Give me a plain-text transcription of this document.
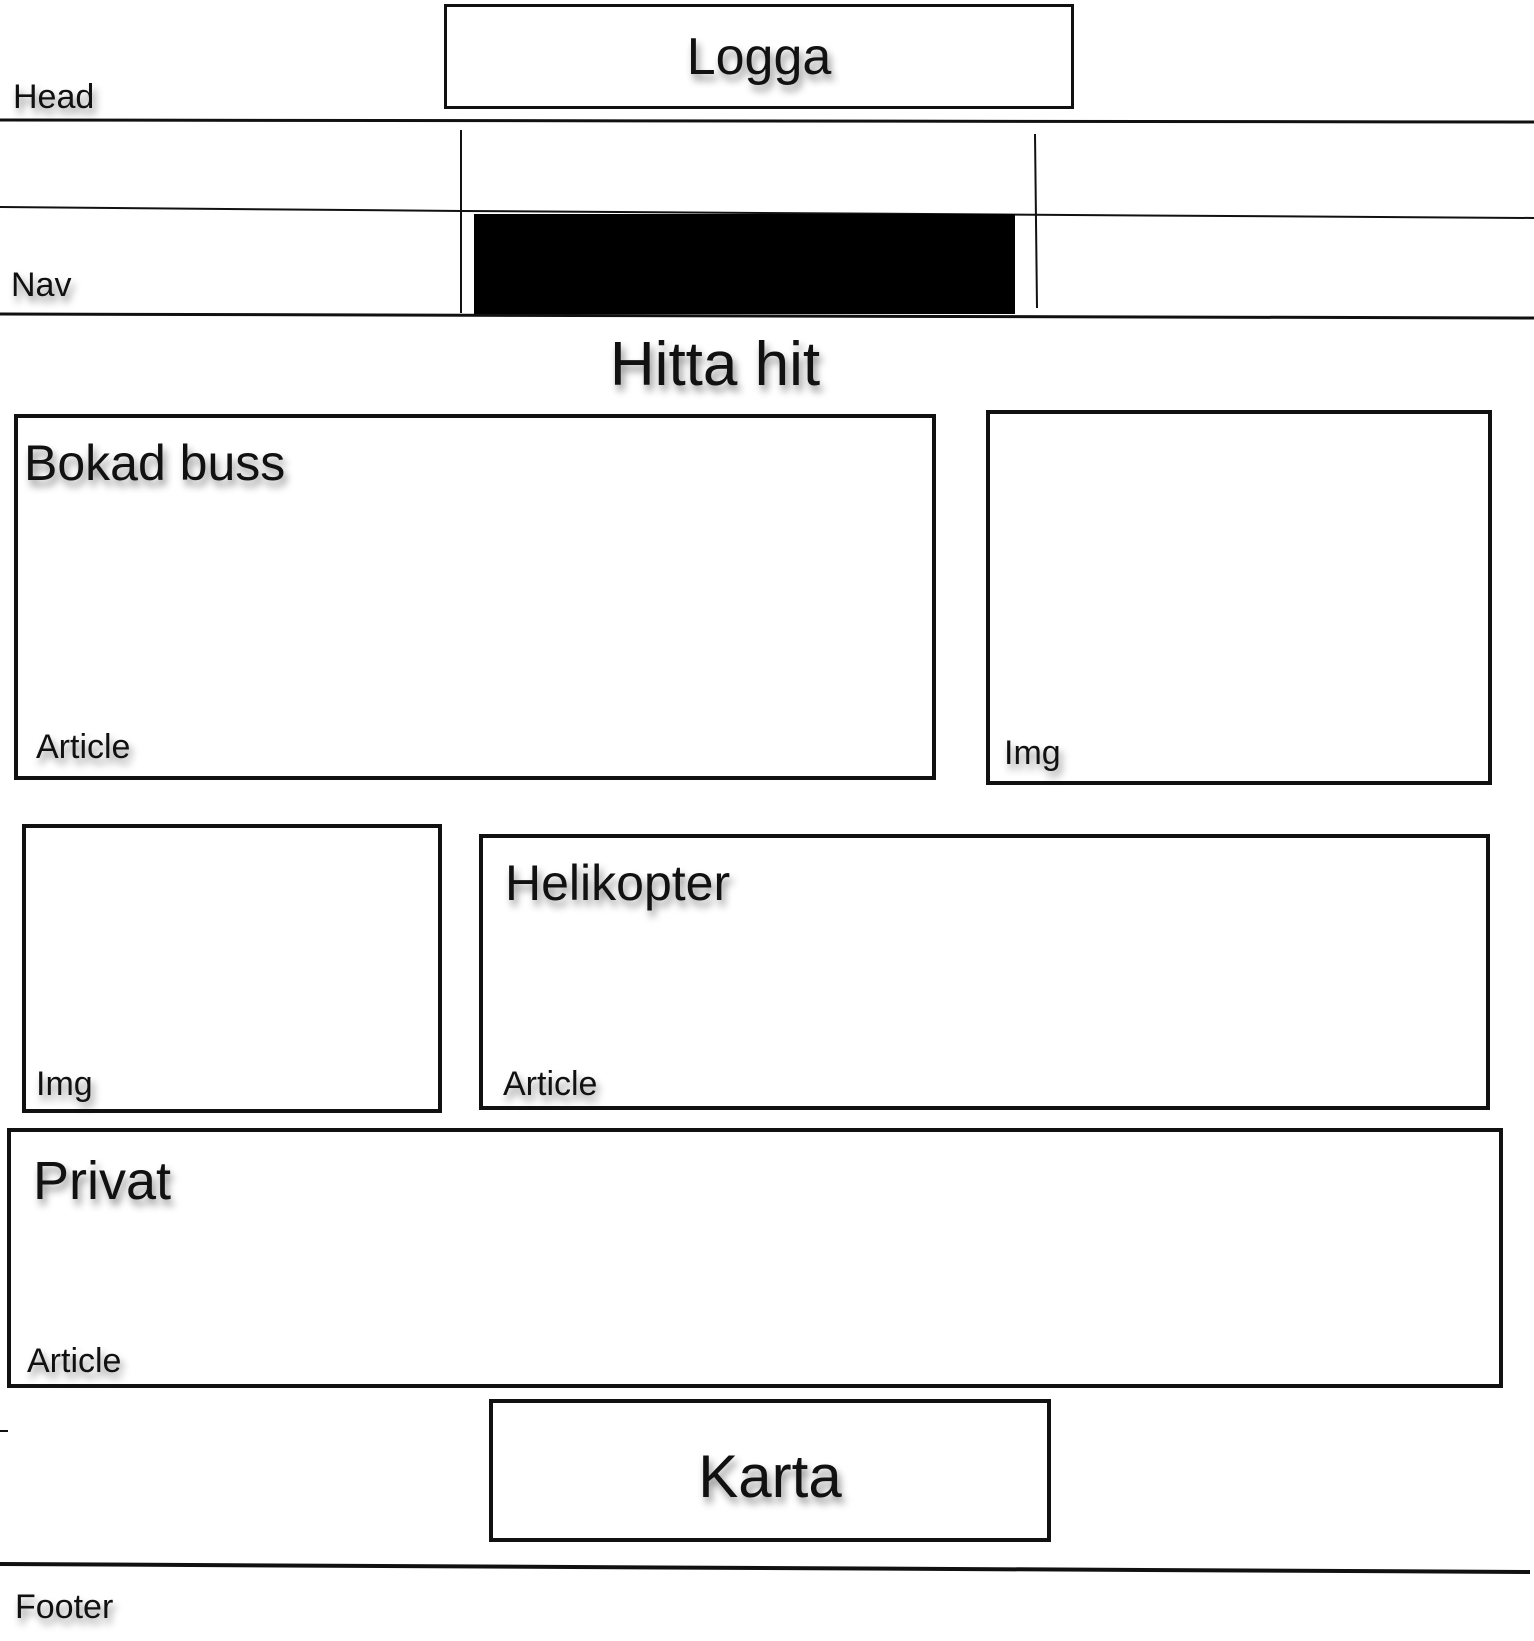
Head
Logga
Nav
Hitta hit
Bokad buss
Article	Img
Img
Helikopter
Article
Privat
Article
Karta
Footer
